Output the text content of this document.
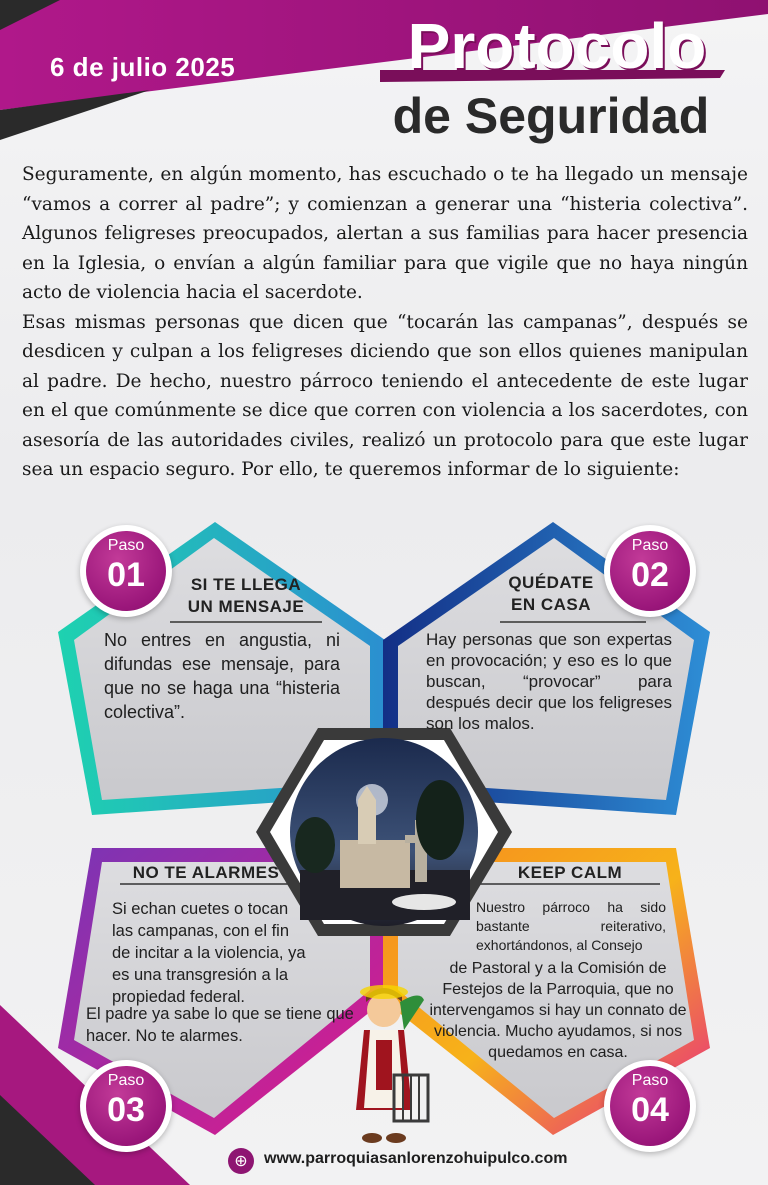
6 de julio 2025	Protocolo
de Seguridad

Seguramente, en algún momento, has escuchado o te ha llegado un mensaje “vamos a correr al padre”; y comienzan a generar una “histeria colectiva”. Algunos feligreses preocupados, alertan a sus familias para hacer presencia en la Iglesia, o envían a algún familiar para que vigile que no haya ningún acto de violencia hacia el sacerdote.

Esas mismas personas que dicen que “tocarán las campanas”, después se desdicen y culpan a los feligreses diciendo que son ellos quienes manipulan al padre. De hecho, nuestro párroco teniendo el antecedente de este lugar en el que comúnmente se dice que corren con violencia a los sacerdotes, con asesoría de las autoridades civiles, realizó un protocolo para que este lugar sea un espacio seguro. Por ello, te queremos informar de lo siguiente:

Paso
01	SI TE LLEGA
UN MENSAJE
No entres en angustia, ni difundas ese mensaje, para que no se haga una “histeria colectiva”.
Paso
02
QUÉDATE
EN CASA
Hay personas que son expertas en provocación; y eso es lo que buscan, “provocar” para después decir que los feligreses son los malos.
NO TE ALARMES
Si echan cuetes o tocan las campanas, con el fin de incitar a la violencia, ya es una transgresión a la propiedad federal.
El padre ya sabe lo que se tiene que hacer. No te alarmes.
Paso
03
KEEP CALM
Nuestro párroco ha sido bastante reiterativo, exhortándonos, al Consejo
de Pastoral y a la Comisión de Festejos de la Parroquia, que no intervengamos si hay un connato de violencia. Mucho ayudamos, si nos quedamos en casa.
Paso
04
⊕	www.parroquiasanlorenzohuipulco.com
